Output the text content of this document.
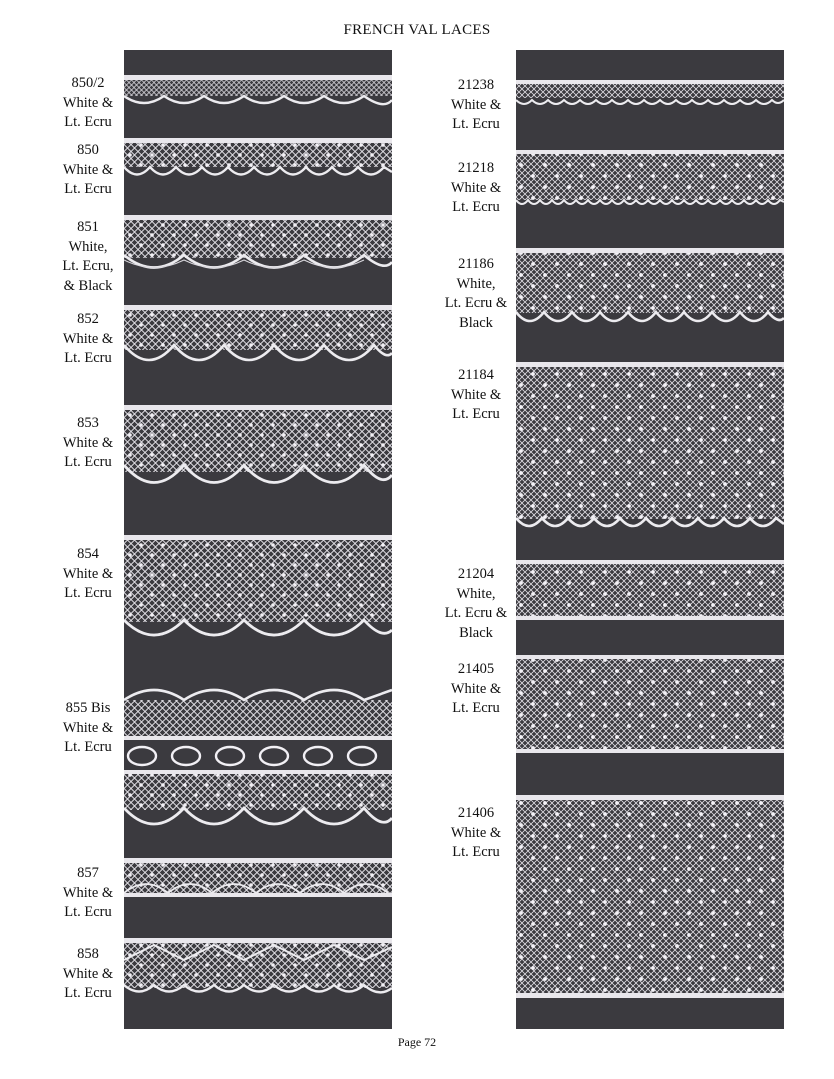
FRENCH VAL LACES
850/2
White &
Lt. Ecru
850
White &
Lt. Ecru
851
White,
Lt. Ecru,
& Black
852
White &
Lt. Ecru
853
White &
Lt. Ecru
854
White &
Lt. Ecru
855 Bis
White &
Lt. Ecru
857
White &
Lt. Ecru
858
White &
Lt. Ecru
21238
White &
Lt. Ecru
21218
White &
Lt. Ecru
21186
White,
Lt. Ecru &
Black
21184
White &
Lt. Ecru
21204
White,
Lt. Ecru &
Black
21405
White &
Lt. Ecru
21406
White &
Lt. Ecru
Page 72
